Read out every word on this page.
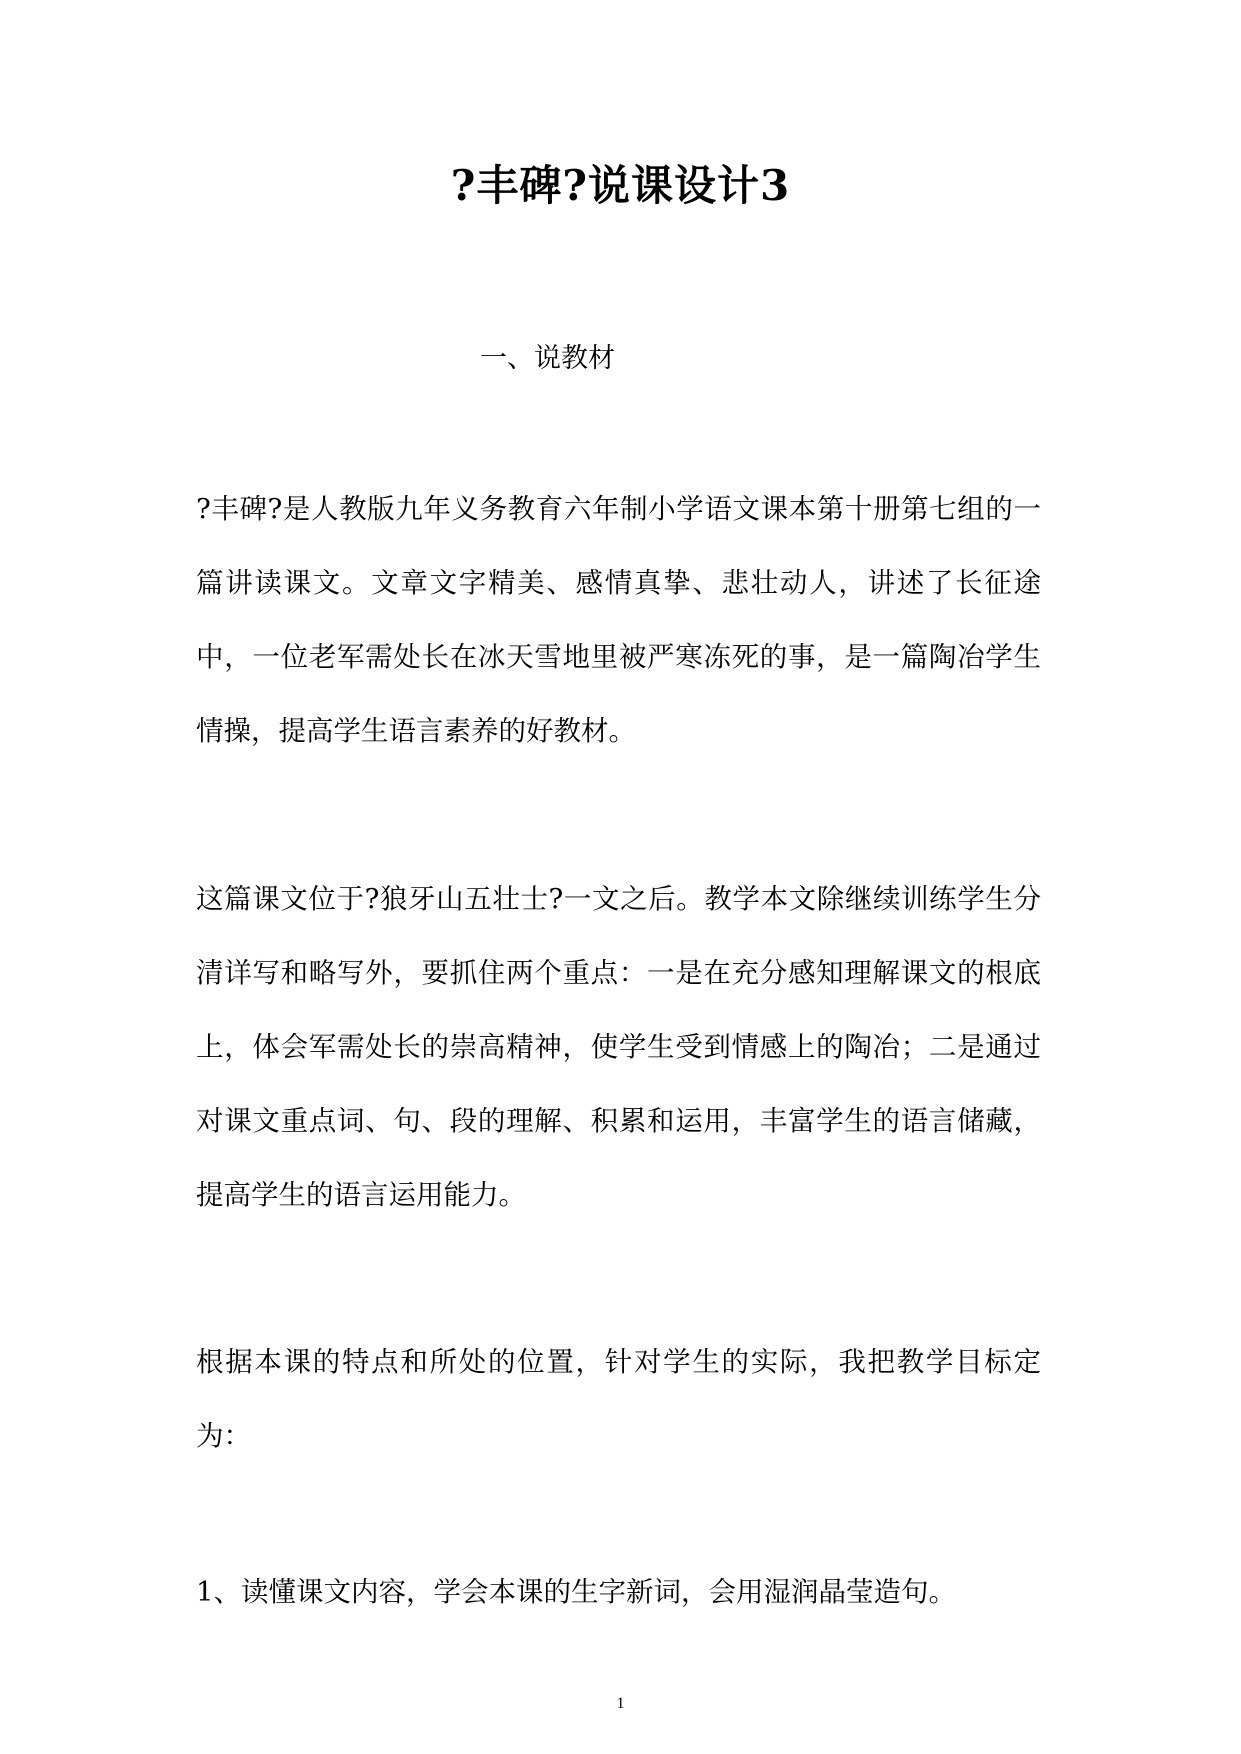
?丰碑?说课设计3

一、说教材

?丰碑?是人教版九年义务教育六年制小学语文课本第十册第七组的一篇讲读课文。文章文字精美、感情真挚、悲壮动人，讲述了长征途中，一位老军需处长在冰天雪地里被严寒冻死的事，是一篇陶冶学生情操，提高学生语言素养的好教材。

这篇课文位于?狼牙山五壮士?一文之后。教学本文除继续训练学生分清详写和略写外，要抓住两个重点：一是在充分感知理解课文的根底上，体会军需处长的崇高精神，使学生受到情感上的陶冶；二是通过对课文重点词、句、段的理解、积累和运用，丰富学生的语言储藏，提高学生的语言运用能力。

根据本课的特点和所处的位置，针对学生的实际，我把教学目标定为：

1、读懂课文内容，学会本课的生字新词，会用湿润晶莹造句。

1
